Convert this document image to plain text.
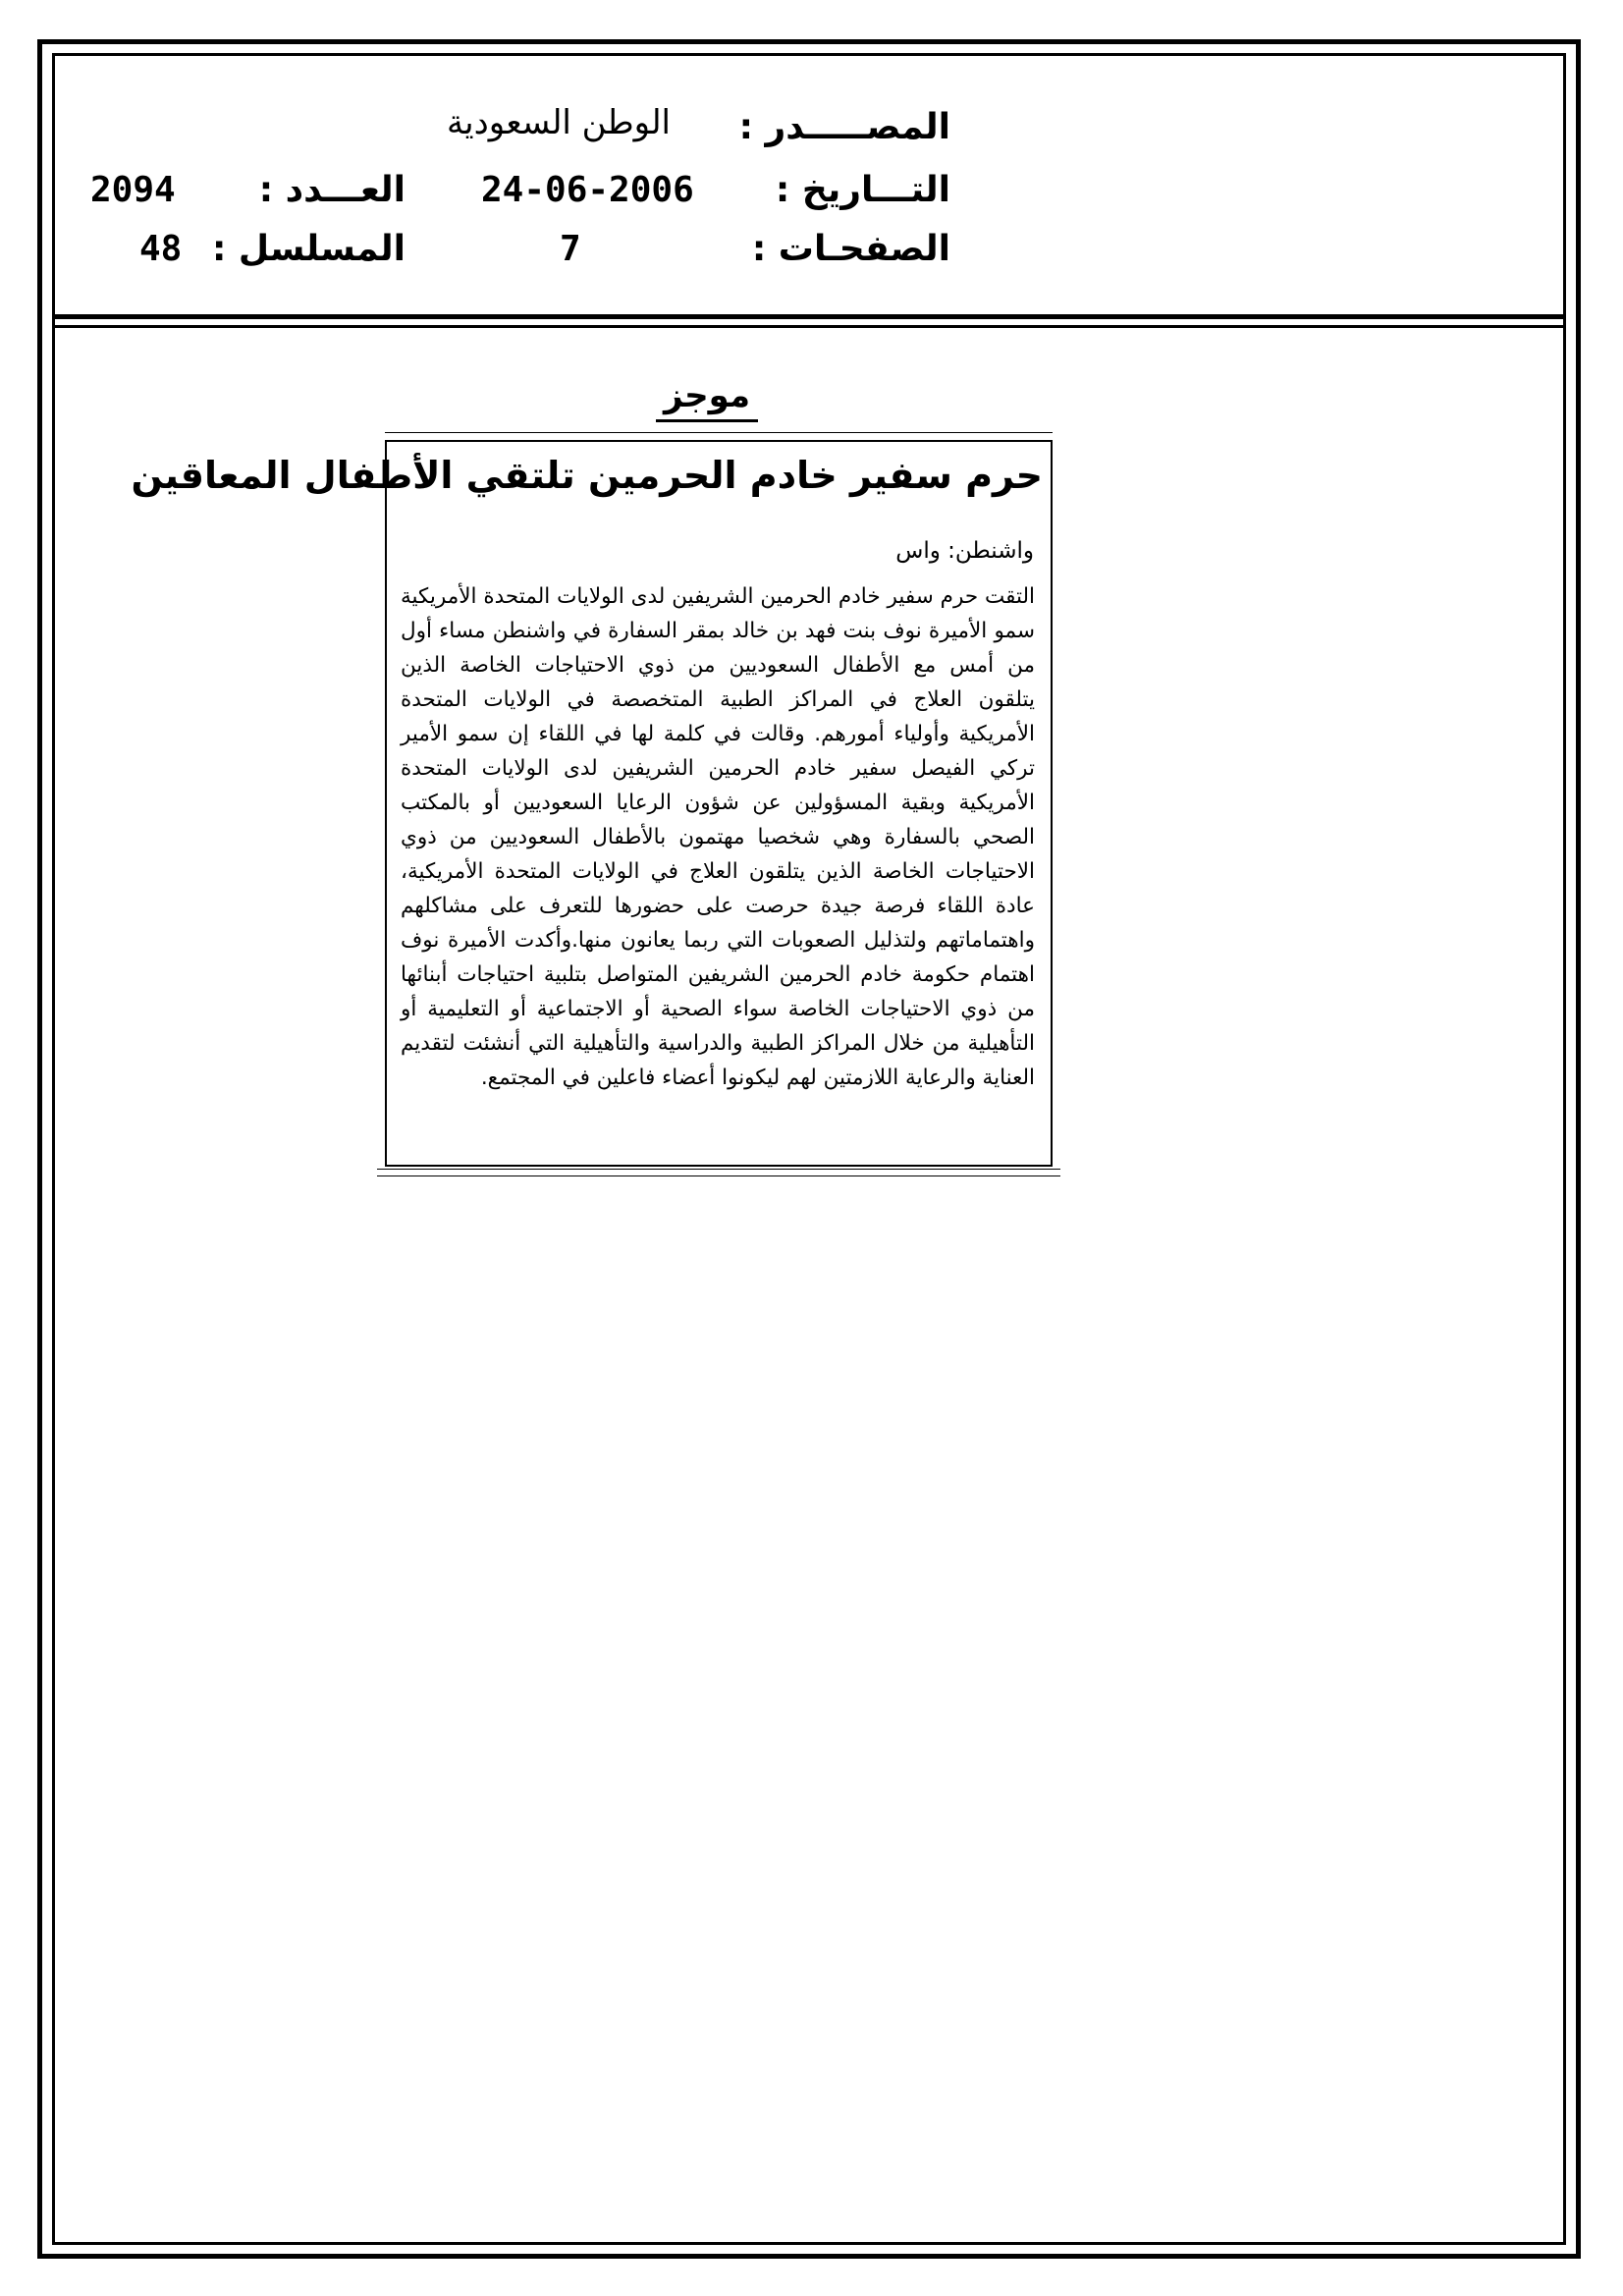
المصـــــدر :
الوطن السعودية
التـــاريخ :
24-06-2006
العـــدد :
2094
الصفحـات :
7
المسلسل :
48
موجز
حرم سفير خادم الحرمين تلتقي الأطفال المعاقين
واشنطن: واس
التقت حرم سفير خادم الحرمين الشريفين لدى الولايات المتحدة الأمريكية سمو الأميرة نوف بنت فهد بن خالد بمقر السفارة في واشنطن مساء أول من أمس مع الأطفال السعوديين من ذوي الاحتياجات الخاصة الذين يتلقون العلاج في المراكز الطبية المتخصصة في الولايات المتحدة الأمريكية وأولياء أمورهم. وقالت في كلمة لها في اللقاء إن سمو الأمير تركي الفيصل سفير خادم الحرمين الشريفين لدى الولايات المتحدة الأمريكية وبقية المسؤولين عن شؤون الرعايا السعوديين أو بالمكتب الصحي بالسفارة وهي شخصيا مهتمون بالأطفال السعوديين من ذوي الاحتياجات الخاصة الذين يتلقون العلاج في الولايات المتحدة الأمريكية، عادة اللقاء فرصة جيدة حرصت على حضورها للتعرف على مشاكلهم واهتماماتهم ولتذليل الصعوبات التي ربما يعانون منها.وأكدت الأميرة نوف اهتمام حكومة خادم الحرمين الشريفين المتواصل بتلبية احتياجات أبنائها من ذوي الاحتياجات الخاصة سواء الصحية أو الاجتماعية أو التعليمية أو التأهيلية من خلال المراكز الطبية والدراسية والتأهيلية التي أنشئت لتقديم العناية والرعاية اللازمتين لهم ليكونوا أعضاء فاعلين في المجتمع.
